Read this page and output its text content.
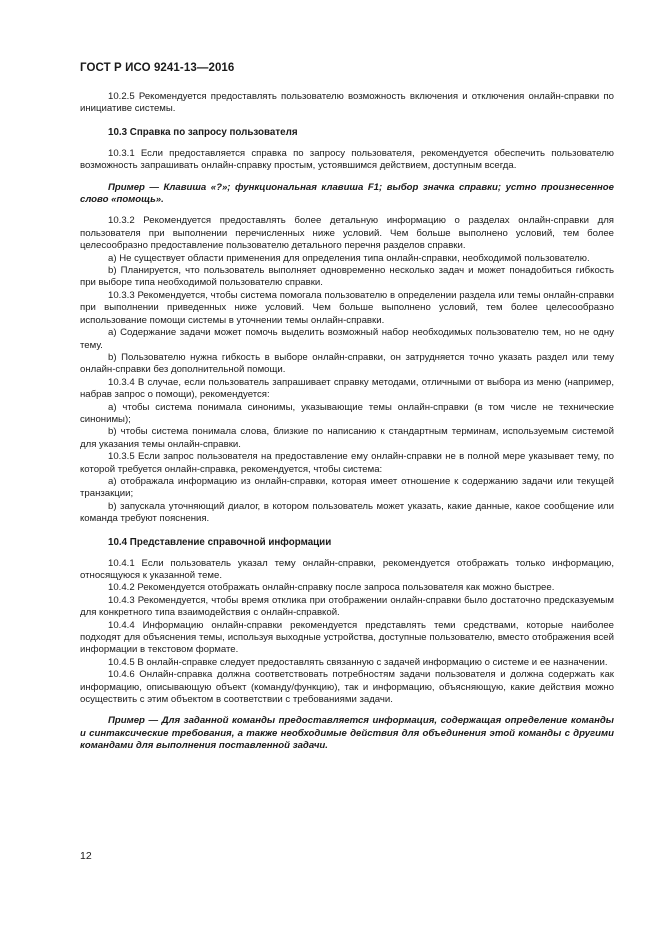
ГОСТ Р ИСО 9241-13—2016

10.2.5 Рекомендуется предоставлять пользователю возможность включения и отключения онлайн-справки по инициативе системы.

10.3 Справка по запросу пользователя

10.3.1 Если предоставляется справка по запросу пользователя, рекомендуется обеспечить пользователю возможность запрашивать онлайн-справку простым, устоявшимся действием, доступным всегда.

Пример — Клавиша «?»; функциональная клавиша F1; выбор значка справки; устно произнесенное слово «помощь».

10.3.2 Рекомендуется предоставлять более детальную информацию о разделах онлайн-справки для пользователя при выполнении перечисленных ниже условий. Чем больше выполнено условий, тем более целесообразно предоставление пользователю детального перечня разделов справки.

a) Не существует области применения для определения типа онлайн-справки, необходимой пользователю.

b) Планируется, что пользователь выполняет одновременно несколько задач и может понадобиться гибкость при выборе типа необходимой пользователю справки.

10.3.3 Рекомендуется, чтобы система помогала пользователю в определении раздела или темы онлайн-справки при выполнении приведенных ниже условий. Чем больше выполнено условий, тем более целесообразно использование помощи системы в уточнении темы онлайн-справки.

a) Содержание задачи может помочь выделить возможный набор необходимых пользователю тем, но не одну тему.

b) Пользователю нужна гибкость в выборе онлайн-справки, он затрудняется точно указать раздел или тему онлайн-справки без дополнительной помощи.

10.3.4 В случае, если пользователь запрашивает справку методами, отличными от выбора из меню (например, набрав запрос о помощи), рекомендуется:

a) чтобы система понимала синонимы, указывающие темы онлайн-справки (в том числе не технические синонимы);

b) чтобы система понимала слова, близкие по написанию к стандартным терминам, используемым системой для указания темы онлайн-справки.

10.3.5 Если запрос пользователя на предоставление ему онлайн-справки не в полной мере указывает тему, по которой требуется онлайн-справка, рекомендуется, чтобы система:

a) отображала информацию из онлайн-справки, которая имеет отношение к содержанию задачи или текущей транзакции;

b) запускала уточняющий диалог, в котором пользователь может указать, какие данные, какое сообщение или команда требуют пояснения.

10.4 Представление справочной информации

10.4.1 Если пользователь указал тему онлайн-справки, рекомендуется отображать только информацию, относящуюся к указанной теме.

10.4.2 Рекомендуется отображать онлайн-справку после запроса пользователя как можно быстрее.

10.4.3 Рекомендуется, чтобы время отклика при отображении онлайн-справки было достаточно предсказуемым для конкретного типа взаимодействия с онлайн-справкой.

10.4.4 Информацию онлайн-справки рекомендуется представлять теми средствами, которые наиболее подходят для объяснения темы, используя выходные устройства, доступные пользователю, вместо отображения всей информации в текстовом формате.

10.4.5 В онлайн-справке следует предоставлять связанную с задачей информацию о системе и ее назначении.

10.4.6 Онлайн-справка должна соответствовать потребностям задачи пользователя и должна содержать как информацию, описывающую объект (команду/функцию), так и информацию, объясняющую, какие действия можно осуществить с этим объектом в соответствии с требованиями задачи.

Пример — Для заданной команды предоставляется информация, содержащая определение команды и синтаксические требования, а также необходимые действия для объединения этой команды с другими командами для выполнения поставленной задачи.

12
